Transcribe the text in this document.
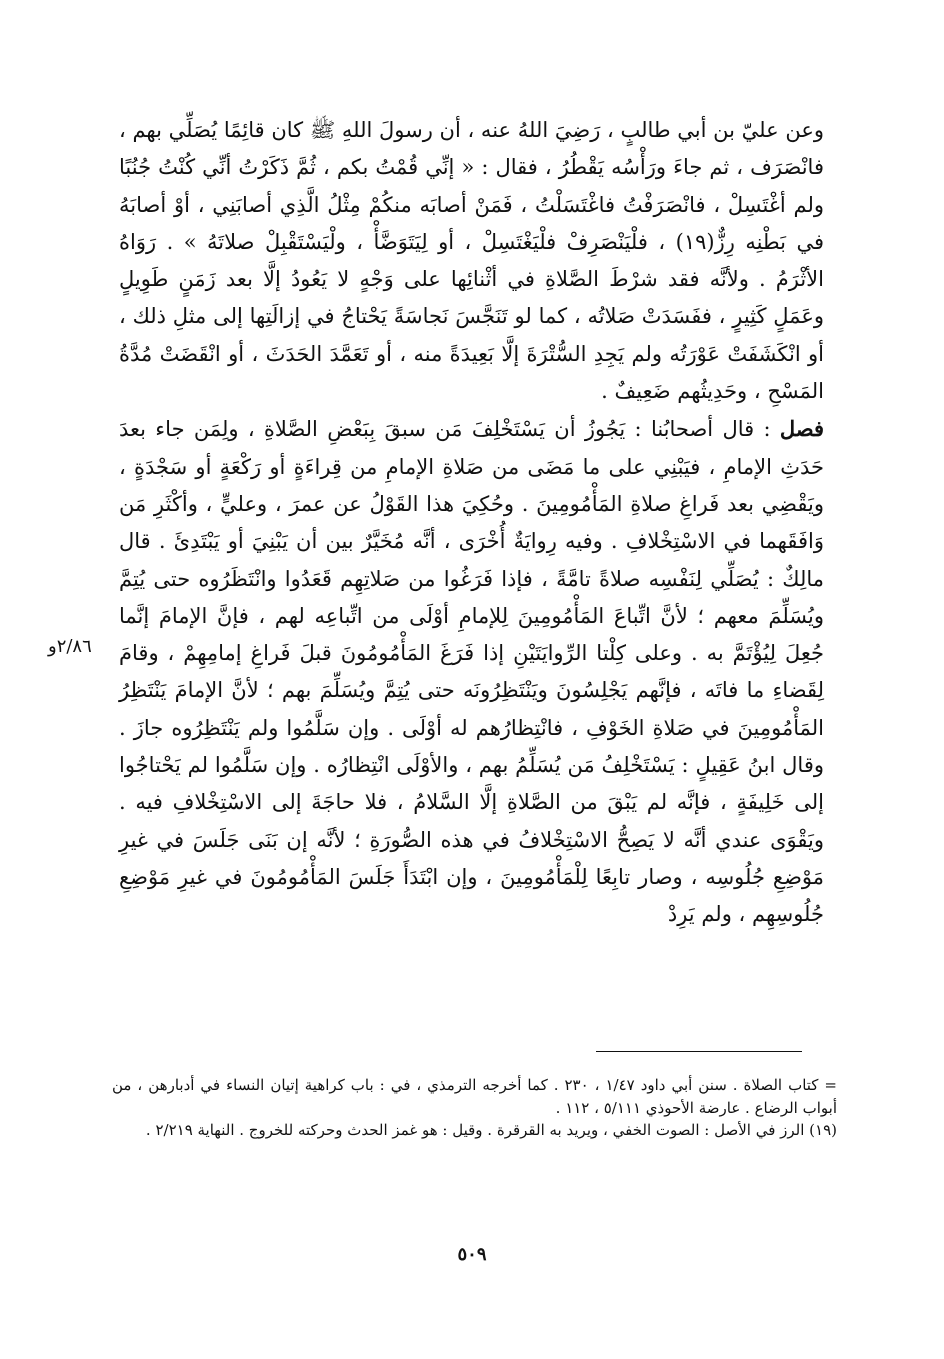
وعن عليّ بن أبي طالبٍ ، رَضِيَ اللهُ عنه ، أن رسولَ اللهِ ﷺ كان قائِمًا يُصَلِّي بهم ، فانْصَرَف ، ثم جاءَ ورَأْسُه يَقْطُرُ ، فقال : « إنِّي قُمْتُ بكم ، ثُمَّ ذَكَرْتُ أنِّي كُنْتُ جُنُبًا ولم أغْتَسِلْ ، فانْصَرَفْتُ فاغْتَسَلْتُ ، فَمَنْ أصابَه منكُمْ مِثْلُ الَّذِي أصابَنِي ، أوْ أصابَهُ في بَطْنِه رِزٌّ(١٩) ، فلْيَنْصَرِفْ فلْيَغْتَسِلْ ، أو لِيَتَوَضَّأْ ، ولْيَسْتَقْبِلْ صلاتَهُ » . رَوَاهُ الأثْرَمُ . ولأنَّه فقد شرْطَ الصَّلاةِ في أثْنائِها على وَجْهٍ لا يَعُودُ إلَّا بعد زَمَنٍ طَوِيلٍ وعَمَلٍ كَثِيرٍ ، ففَسَدَتْ صَلاتُه ، كما لو تَنَجَّسَ نَجاسَةً يَحْتاجُ في إزالَتِها إلى مثلِ ذلك ، أو انْكَشَفَتْ عَوْرَتُه ولم يَجِدِ السُّتْرَةَ إلَّا بَعِيدَةً منه ، أو تَعَمَّدَ الحَدَثَ ، أو انْقَضَتْ مُدَّةُ المَسْحِ ، وحَدِيثُهم ضَعِيفٌ .

فصل : قال أصحابُنا : يَجُوزُ أن يَسْتَخْلِفَ مَن سبقَ بِبَعْضِ الصَّلاةِ ، ولِمَن جاء بعدَ حَدَثِ الإمامِ ، فيَبْنِي على ما مَضَى من صَلاةِ الإمامِ من قِراءَةٍ أو رَكْعَةٍ أو سَجْدَةٍ ، ويَقْضِي بعد فَراغِ صلاةِ المَأْمُومِينَ . وحُكِيَ هذا القَوْلُ عن عمرَ ، وعليٍّ ، وأكْثَرِ مَن وَافَقَهما في الاسْتِخْلافِ . وفيه رِوايَةٌ أُخْرَى ، أنَّه مُخَيَّرٌ بين أن يَبْنِيَ أو يَبْتَدِئَ . قال مالِكٌ : يُصَلِّي لِنَفْسِه صلاةً تامَّةً ، فإذا فَرَغُوا من صَلاتِهِم قَعَدُوا وانْتَظَرُوه حتى يُتِمَّ ويُسَلِّمَ معهم ؛ لأنَّ اتِّباعَ المَأْمُومِينَ لِلإمامِ أوْلَى من اتِّباعِه لهم ، فإنَّ الإمامَ إنَّما جُعِلَ لِيُؤْتَمَّ به . وعلى كِلْتا الرِّوايَتَيْنِ إذا فَرَغَ المَأْمُومُونَ قبلَ فَراغِ إمامِهِمْ ، وقامَ لِقَضاءِ ما فاتَه ، فإنَّهم يَجْلِسُونَ ويَنْتَظِرُونَه حتى يُتِمَّ ويُسَلِّمَ بهم ؛ لأنَّ الإمامَ يَنْتَظِرُ المَأْمُومِينَ في صَلاةِ الخَوْفِ ، فانْتِظارُهم له أوْلَى . وإن سَلَّمُوا ولم يَنْتَظِرُوه جازَ . وقال ابنُ عَقِيلٍ : يَسْتَخْلِفُ مَن يُسَلِّمُ بهم ، والأوْلَى انْتِظارُه . وإن سَلَّمُوا لم يَحْتاجُوا إلى خَلِيفَةٍ ، فإنَّه لم يَبْقَ من الصَّلاةِ إلَّا السَّلامُ ، فلا حاجَةَ إلى الاسْتِخْلافِ فيه . ويَقْوَى عندي أنَّه لا يَصِحُّ الاسْتِخْلافُ في هذه الصُّورَةِ ؛ لأنَّه إن بَنَى جَلَسَ في غيرِ مَوْضِعِ جُلُوسِه ، وصار تابِعًا لِلْمَأْمُومِينَ ، وإن ابْتَدَأَ جَلَسَ المَأْمُومُونَ في غيرِ مَوْضِعِ جُلُوسِهِم ، ولم يَرِدْ

٢/٨٦و

= كتاب الصلاة . سنن أبي داود ١/٤٧ ، ٢٣٠ . كما أخرجه الترمذي ، في : باب كراهية إتيان النساء في أدبارهن ، من أبواب الرضاع . عارضة الأحوذي ٥/١١١ ، ١١٢ .

(١٩) الرز في الأصل : الصوت الخفي ، ويريد به القرقرة . وقيل : هو غمز الحدث وحركته للخروج . النهاية ٢/٢١٩ .

٥٠٩
